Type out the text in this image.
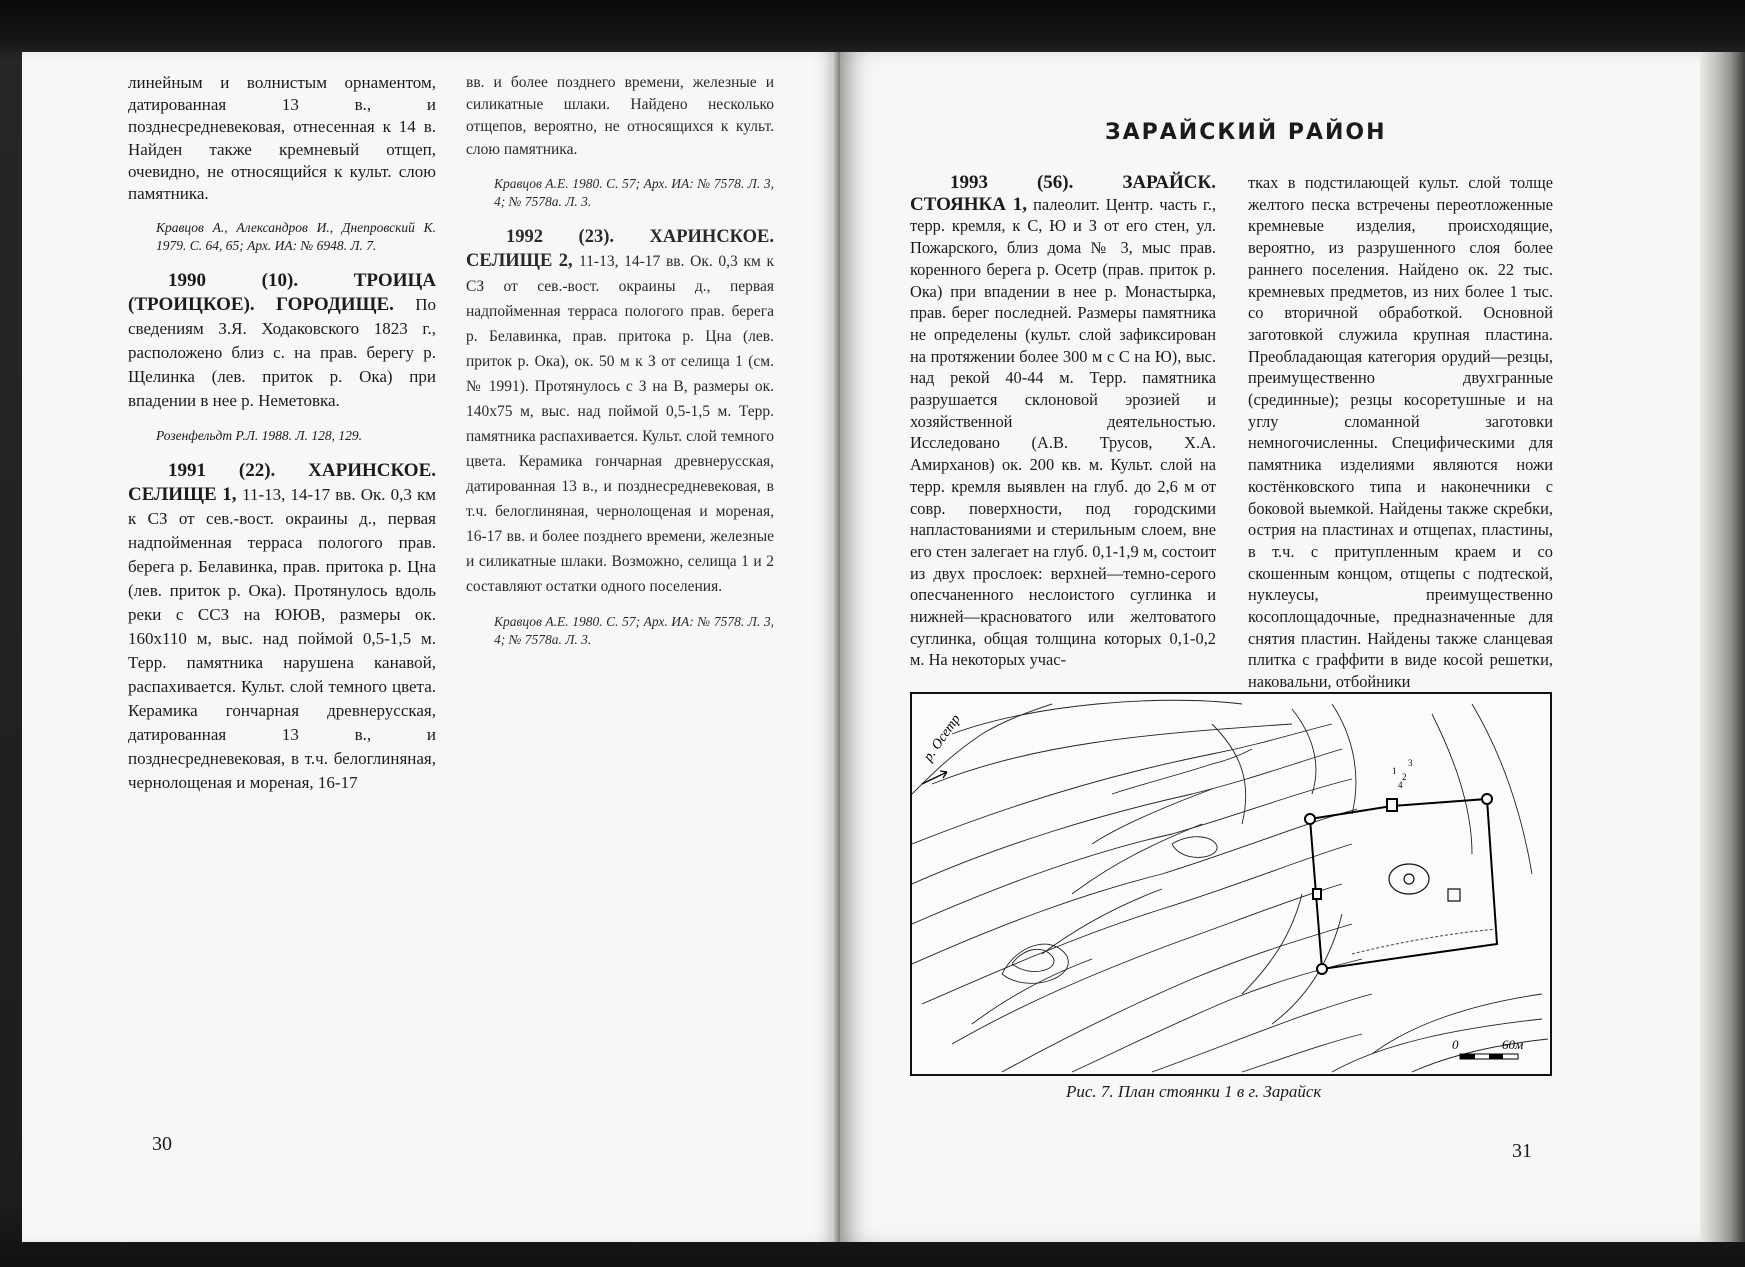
линейным и волнистым орнаментом, датированная 13 в., и позднесредневековая, отнесенная к 14 в. Найден также кремневый отщеп, очевидно, не относящийся к культ. слою памятника.

Кравцов А., Александров И., Днепровский К. 1979. С. 64, 65; Арх. ИА: № 6948. Л. 7.

1990 (10). ТРОИЦА (ТРОИЦКОЕ). ГОРОДИЩЕ. По сведениям З.Я. Ходаковского 1823 г., расположено близ с. на прав. берегу р. Щелинка (лев. приток р. Ока) при впадении в нее р. Неметовка.

Розенфельдт Р.Л. 1988. Л. 128, 129.

1991 (22). ХАРИНСКОЕ. СЕЛИЩЕ 1, 11-13, 14-17 вв. Ок. 0,3 км к СЗ от сев.-вост. окраины д., первая надпойменная терраса пологого прав. берега р. Белавинка, прав. притока р. Цна (лев. приток р. Ока). Протянулось вдоль реки с ССЗ на ЮЮВ, размеры ок. 160x110 м, выс. над поймой 0,5-1,5 м. Терр. памятника нарушена канавой, распахивается. Культ. слой темного цвета. Керамика гончарная древнерусская, датированная 13 в., и позднесредневековая, в т.ч. белоглиняная, чернолощеная и мореная, 16-17

вв. и более позднего времени, железные и силикатные шлаки. Найдено несколько отщепов, вероятно, не относящихся к культ. слою памятника.

Кравцов А.Е. 1980. С. 57; Арх. ИА: № 7578. Л. 3, 4; № 7578а. Л. 3.

1992 (23). ХАРИНСКОЕ. СЕЛИЩЕ 2, 11-13, 14-17 вв. Ок. 0,3 км к СЗ от сев.-вост. окраины д., первая надпойменная терраса пологого прав. берега р. Белавинка, прав. притока р. Цна (лев. приток р. Ока), ок. 50 м к З от селища 1 (см. № 1991). Протянулось с З на В, размеры ок. 140x75 м, выс. над поймой 0,5-1,5 м. Терр. памятника распахивается. Культ. слой темного цвета. Керамика гончарная древнерусская, датированная 13 в., и позднесредневековая, в т.ч. белоглиняная, чернолощеная и мореная, 16-17 вв. и более позднего времени, железные и силикатные шлаки. Возможно, селища 1 и 2 составляют остатки одного поселения.

Кравцов А.Е. 1980. С. 57; Арх. ИА: № 7578. Л. 3, 4; № 7578а. Л. 3.

30
ЗАРАЙСКИЙ РАЙОН

1993 (56). ЗАРАЙСК. СТОЯНКА 1, палеолит. Центр. часть г., терр. кремля, к С, Ю и З от его стен, ул. Пожарского, близ дома № 3, мыс прав. коренного берега р. Осетр (прав. приток р. Ока) при впадении в нее р. Монастырка, прав. берег последней. Размеры памятника не определены (культ. слой зафиксирован на протяжении более 300 м с С на Ю), выс. над рекой 40-44 м. Терр. памятника разрушается склоновой эрозией и хозяйственной деятельностью. Исследовано (А.В. Трусов, Х.А. Амирханов) ок. 200 кв. м. Культ. слой на терр. кремля выявлен на глуб. до 2,6 м от совр. поверхности, под городскими напластованиями и стерильным слоем, вне его стен залегает на глуб. 0,1-1,9 м, состоит из двух прослоек: верхней—темно-серого опесчаненного неслоистого суглинка и нижней—красноватого или желтоватого суглинка, общая толщина которых 0,1-0,2 м. На некоторых учас-

тках в подстилающей культ. слой толще желтого песка встречены переотложенные кремневые изделия, происходящие, вероятно, из разрушенного слоя более раннего поселения. Найдено ок. 22 тыс. кремневых предметов, из них более 1 тыс. со вторичной обработкой. Основной заготовкой служила крупная пластина. Преобладающая категория орудий—резцы, преимущественно двухгранные (срединные); резцы косоретушные и на углу сломанной заготовки немногочисленны. Специфическими для памятника изделиями являются ножи костёнковского типа и наконечники с боковой выемкой. Найдены также скребки, острия на пластинах и отщепах, пластины, в т.ч. с притупленным краем и со скошенным концом, отщепы с подтеской, нуклеусы, преимущественно косоплощадочные, предназначенные для снятия пластин. Найдены также сланцевая плитка с граффити в виде косой решетки, наковальни, отбойники

р. Осетр
1
2
3
4
0	60м
Рис. 7. План стоянки 1 в г. Зарайск
31
